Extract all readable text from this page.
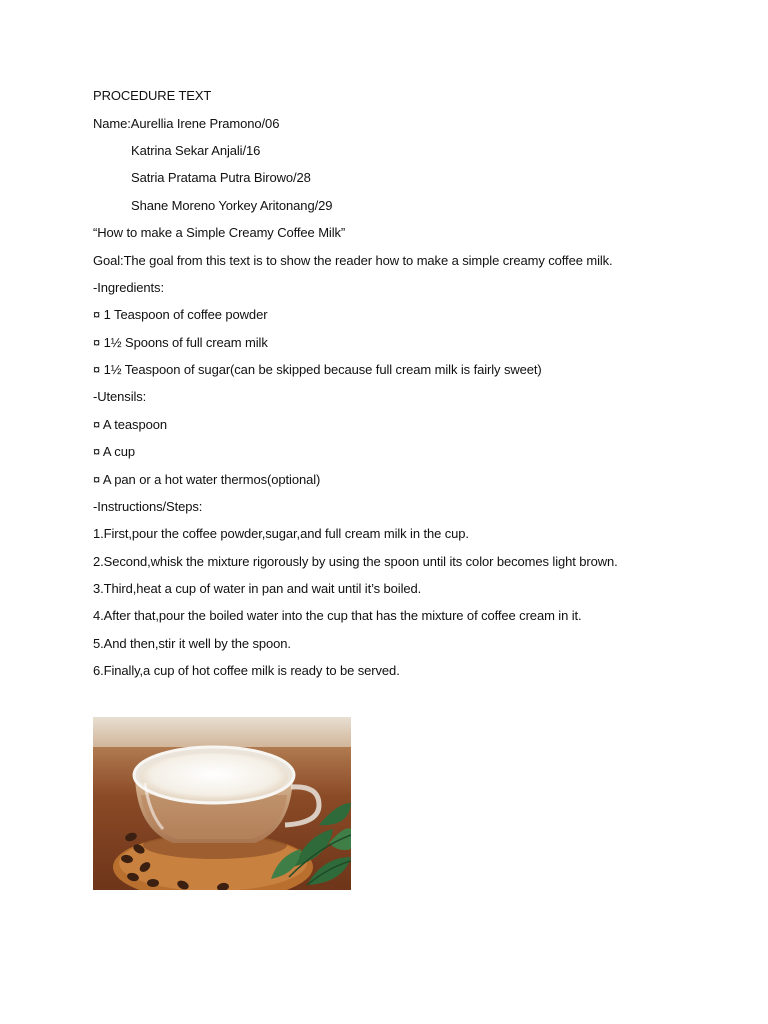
PROCEDURE TEXT
Name:Aurellia Irene Pramono/06
Katrina Sekar Anjali/16
Satria Pratama Putra Birowo/28
Shane Moreno Yorkey Aritonang/29
“How to make a Simple Creamy Coffee Milk”
Goal:The goal from this text is to show the reader how to make a simple creamy coffee milk.
-Ingredients:
¤ 1 Teaspoon of coffee powder
¤ 1½ Spoons of full cream milk
¤ 1½ Teaspoon of sugar(can be skipped because full cream milk is fairly sweet)
-Utensils:
¤ A teaspoon
¤ A cup
¤ A pan or a hot water thermos(optional)
-Instructions/Steps:
1.First,pour the coffee powder,sugar,and full cream milk in the cup.
2.Second,whisk the mixture rigorously by using the spoon until its color becomes light brown.
3.Third,heat a cup of water in pan and wait until it’s boiled.
4.After that,pour the boiled water into the cup that has the mixture of coffee cream in it.
5.And then,stir it well by the spoon.
6.Finally,a cup of hot coffee milk is ready to be served.
